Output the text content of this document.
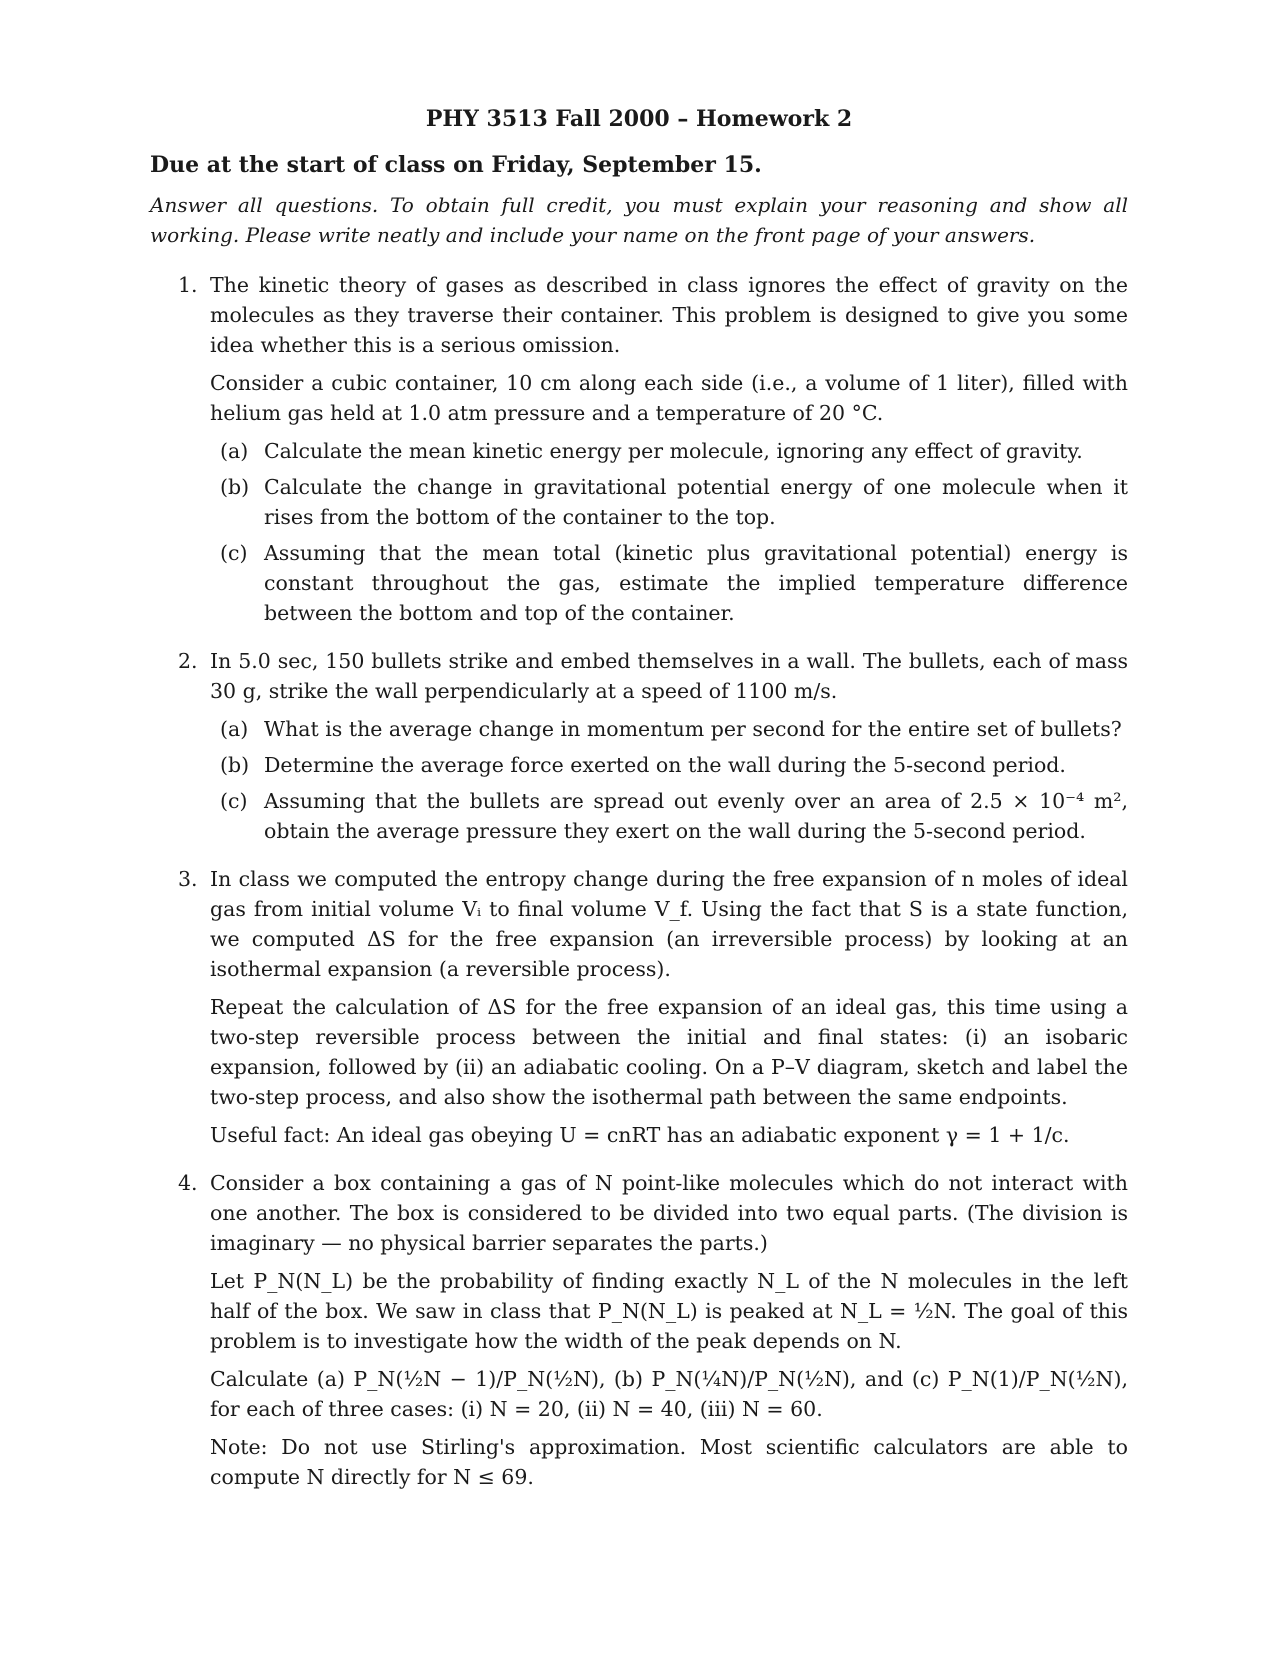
PHY 3513 Fall 2000 – Homework 2
Due at the start of class on Friday, September 15.
Answer all questions. To obtain full credit, you must explain your reasoning and show all working. Please write neatly and include your name on the front page of your answers.
1. The kinetic theory of gases as described in class ignores the effect of gravity on the molecules as they traverse their container. This problem is designed to give you some idea whether this is a serious omission.
Consider a cubic container, 10 cm along each side (i.e., a volume of 1 liter), filled with helium gas held at 1.0 atm pressure and a temperature of 20 °C.
(a) Calculate the mean kinetic energy per molecule, ignoring any effect of gravity.
(b) Calculate the change in gravitational potential energy of one molecule when it rises from the bottom of the container to the top.
(c) Assuming that the mean total (kinetic plus gravitational potential) energy is constant throughout the gas, estimate the implied temperature difference between the bottom and top of the container.
2. In 5.0 sec, 150 bullets strike and embed themselves in a wall. The bullets, each of mass 30 g, strike the wall perpendicularly at a speed of 1100 m/s.
(a) What is the average change in momentum per second for the entire set of bullets?
(b) Determine the average force exerted on the wall during the 5-second period.
(c) Assuming that the bullets are spread out evenly over an area of 2.5 × 10⁻⁴ m², obtain the average pressure they exert on the wall during the 5-second period.
3. In class we computed the entropy change during the free expansion of n moles of ideal gas from initial volume Vᵢ to final volume V_f. Using the fact that S is a state function, we computed ΔS for the free expansion (an irreversible process) by looking at an isothermal expansion (a reversible process).
Repeat the calculation of ΔS for the free expansion of an ideal gas, this time using a two-step reversible process between the initial and final states: (i) an isobaric expansion, followed by (ii) an adiabatic cooling. On a P–V diagram, sketch and label the two-step process, and also show the isothermal path between the same endpoints.
Useful fact: An ideal gas obeying U = cnRT has an adiabatic exponent γ = 1 + 1/c.
4. Consider a box containing a gas of N point-like molecules which do not interact with one another. The box is considered to be divided into two equal parts. (The division is imaginary — no physical barrier separates the parts.)
Let P_N(N_L) be the probability of finding exactly N_L of the N molecules in the left half of the box. We saw in class that P_N(N_L) is peaked at N_L = ½N. The goal of this problem is to investigate how the width of the peak depends on N.
Calculate (a) P_N(½N − 1)/P_N(½N), (b) P_N(¼N)/P_N(½N), and (c) P_N(1)/P_N(½N), for each of three cases: (i) N = 20, (ii) N = 40, (iii) N = 60.
Note: Do not use Stirling's approximation. Most scientific calculators are able to compute N directly for N ≤ 69.
